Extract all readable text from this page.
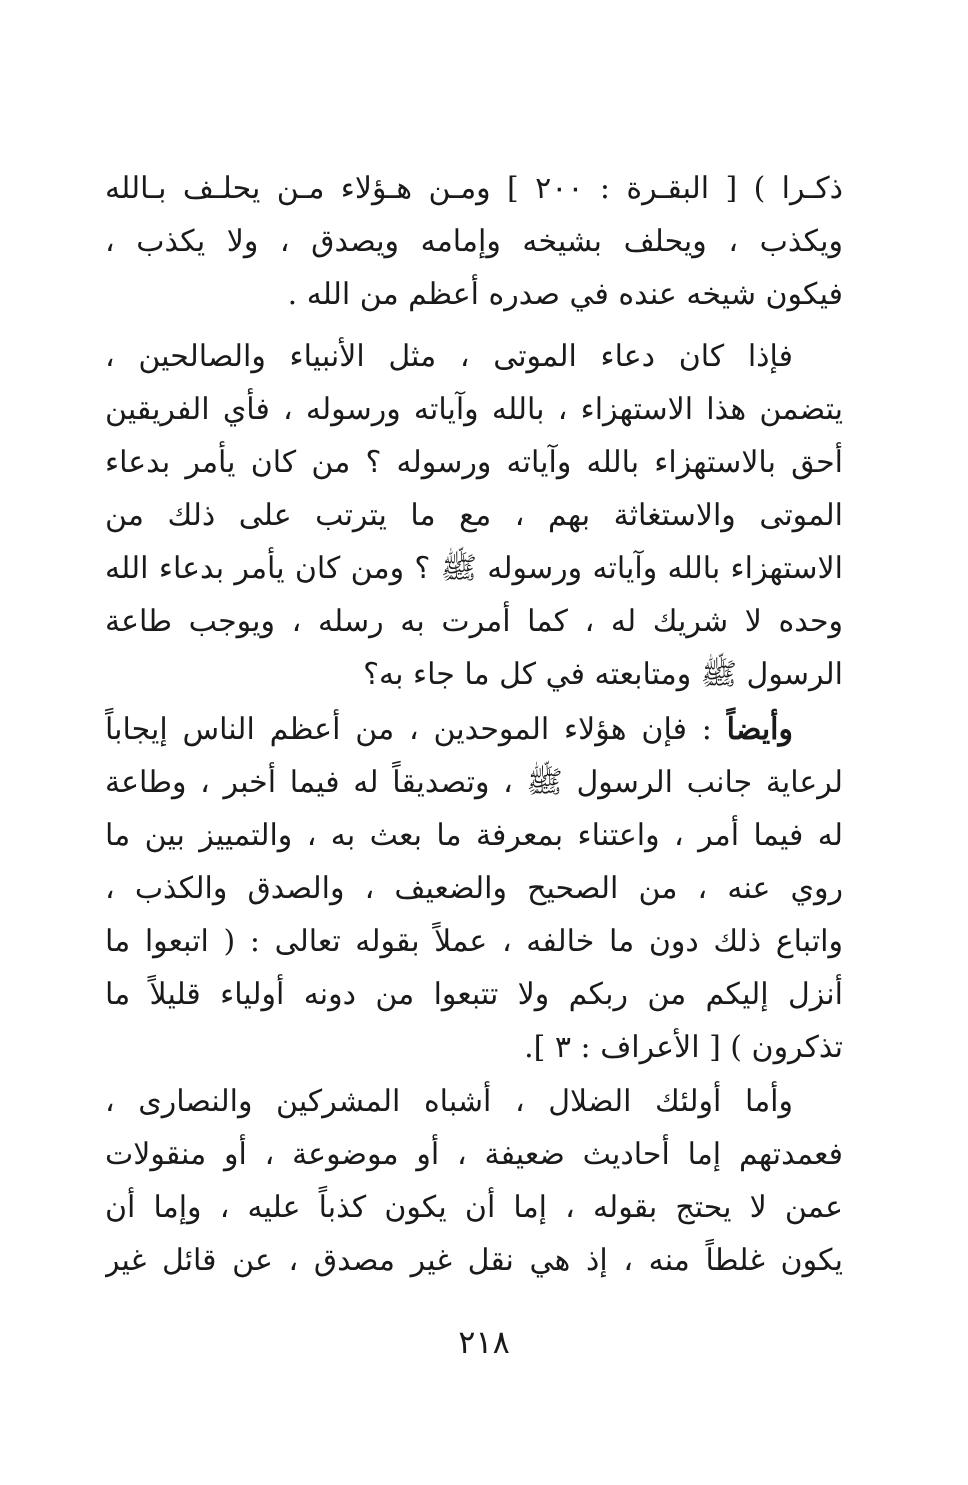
ذكـرا ) [ البقـرة : ٢٠٠ ] ومـن هـؤلاء مـن يحلـف بـالله
ويكذب ، ويحلف بشيخه وإمامه ويصدق ، ولا يكذب ،
فيكون شيخه عنده في صدره أعظم من الله .
فإذا كان دعاء الموتى ، مثل الأنبياء والصالحين ،
يتضمن هذا الاستهزاء ، بالله وآياته ورسوله ، فأي الفريقين
أحق بالاستهزاء بالله وآياته ورسوله ؟ من كان يأمر بدعاء
الموتى والاستغاثة بهم ، مع ما يترتب على ذلك من
الاستهزاء بالله وآياته ورسوله ﷺ ؟ ومن كان يأمر بدعاء الله
وحده لا شريك له ، كما أمرت به رسله ، ويوجب طاعة
الرسول ﷺ ومتابعته في كل ما جاء به؟
وأيضاً : فإن هؤلاء الموحدين ، من أعظم الناس إيجاباً
لرعاية جانب الرسول ﷺ ، وتصديقاً له فيما أخبر ، وطاعة
له فيما أمر ، واعتناء بمعرفة ما بعث به ، والتمييز بين ما
روي عنه ، من الصحيح والضعيف ، والصدق والكذب ،
واتباع ذلك دون ما خالفه ، عملاً بقوله تعالى : ( اتبعوا ما
أنزل إليكم من ربكم ولا تتبعوا من دونه أولياء قليلاً ما
تذكرون ) [ الأعراف : ٣ ].
وأما أولئك الضلال ، أشباه المشركين والنصارى ،
فعمدتهم إما أحاديث ضعيفة ، أو موضوعة ، أو منقولات
عمن لا يحتج بقوله ، إما أن يكون كذباً عليه ، وإما أن
يكون غلطاً منه ، إذ هي نقل غير مصدق ، عن قائل غير
٢١٨
